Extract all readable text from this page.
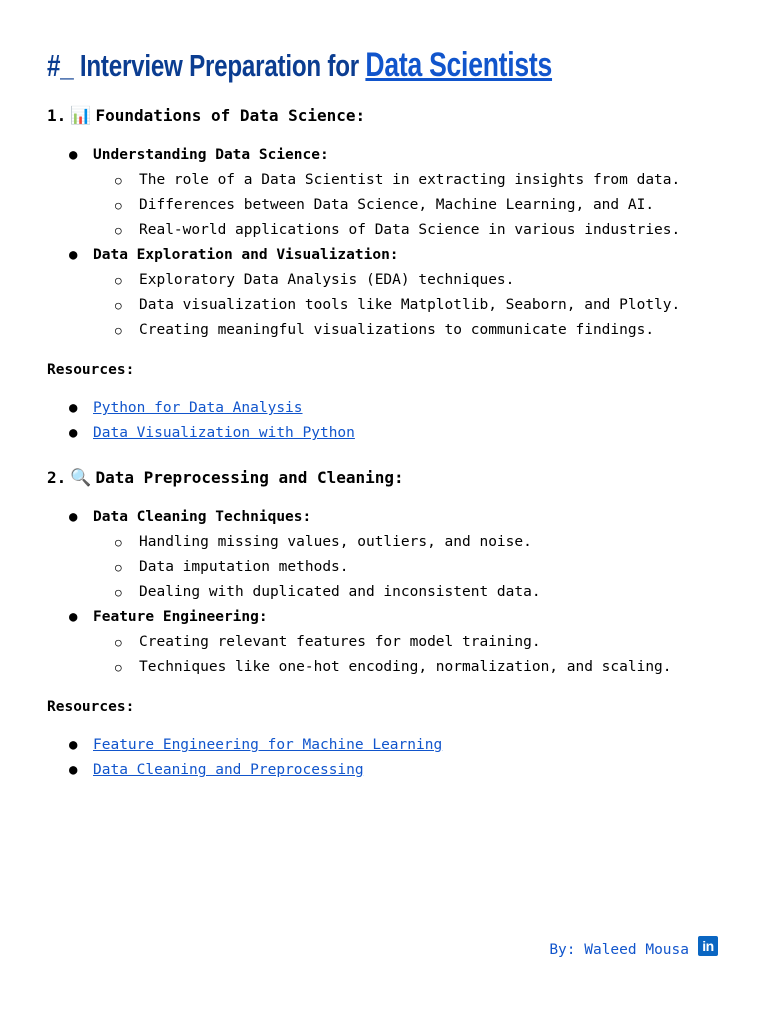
#_ Interview Preparation for Data Scientists
1. 📊 Foundations of Data Science:
● Understanding Data Science:
○ The role of a Data Scientist in extracting insights from data.
○ Differences between Data Science, Machine Learning, and AI.
○ Real-world applications of Data Science in various industries.
● Data Exploration and Visualization:
○ Exploratory Data Analysis (EDA) techniques.
○ Data visualization tools like Matplotlib, Seaborn, and Plotly.
○ Creating meaningful visualizations to communicate findings.
Resources:
● Python for Data Analysis
● Data Visualization with Python
2. 🔍 Data Preprocessing and Cleaning:
● Data Cleaning Techniques:
○ Handling missing values, outliers, and noise.
○ Data imputation methods.
○ Dealing with duplicated and inconsistent data.
● Feature Engineering:
○ Creating relevant features for model training.
○ Techniques like one-hot encoding, normalization, and scaling.
Resources:
● Feature Engineering for Machine Learning
● Data Cleaning and Preprocessing
By: Waleed Mousa in
